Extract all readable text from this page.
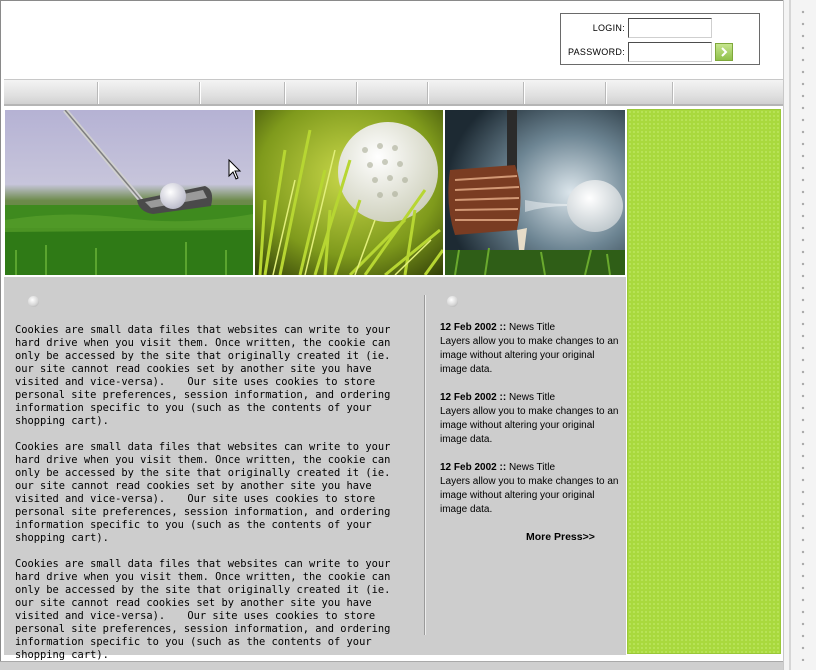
LOGIN:
PASSWORD:

Cookies are small data files that websites can write to your hard drive when you visit them. Once written, the cookie can only be accessed by the site that originally created it (ie. our site cannot read cookies set by another site you have visited and vice-versa). Our site uses cookies to store personal site preferences, session information, and ordering information specific to you (such as the contents of your shopping cart).

Cookies are small data files that websites can write to your hard drive when you visit them. Once written, the cookie can only be accessed by the site that originally created it (ie. our site cannot read cookies set by another site you have visited and vice-versa). Our site uses cookies to store personal site preferences, session information, and ordering information specific to you (such as the contents of your shopping cart).

Cookies are small data files that websites can write to your hard drive when you visit them. Once written, the cookie can only be accessed by the site that originally created it (ie. our site cannot read cookies set by another site you have visited and vice-versa). Our site uses cookies to store personal site preferences, session information, and ordering information specific to you (such as the contents of your shopping cart).

12 Feb 2002 :: News Title
Layers allow you to make changes to an image without altering your original image data.
12 Feb 2002 :: News Title
Layers allow you to make changes to an image without altering your original image data.
12 Feb 2002 :: News Title
Layers allow you to make changes to an image without altering your original image data.
More Press>>
